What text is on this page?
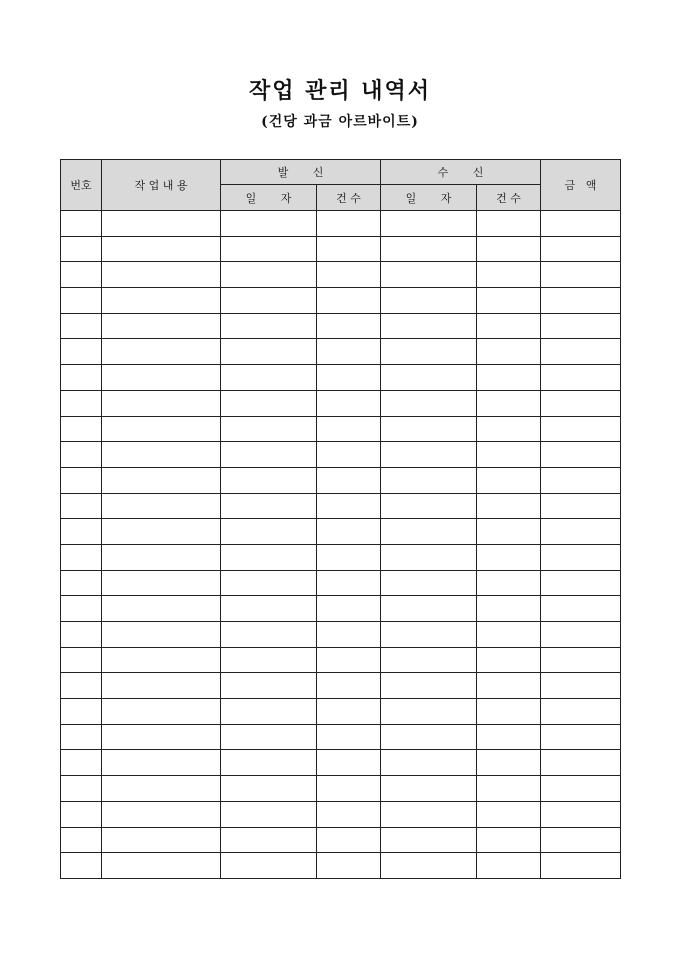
작업 관리 내역서
(건당 과금 아르바이트)
번호	작 업 내 용	발       신		수       신		금   액
		일       자	건 수	일       자	건 수	
